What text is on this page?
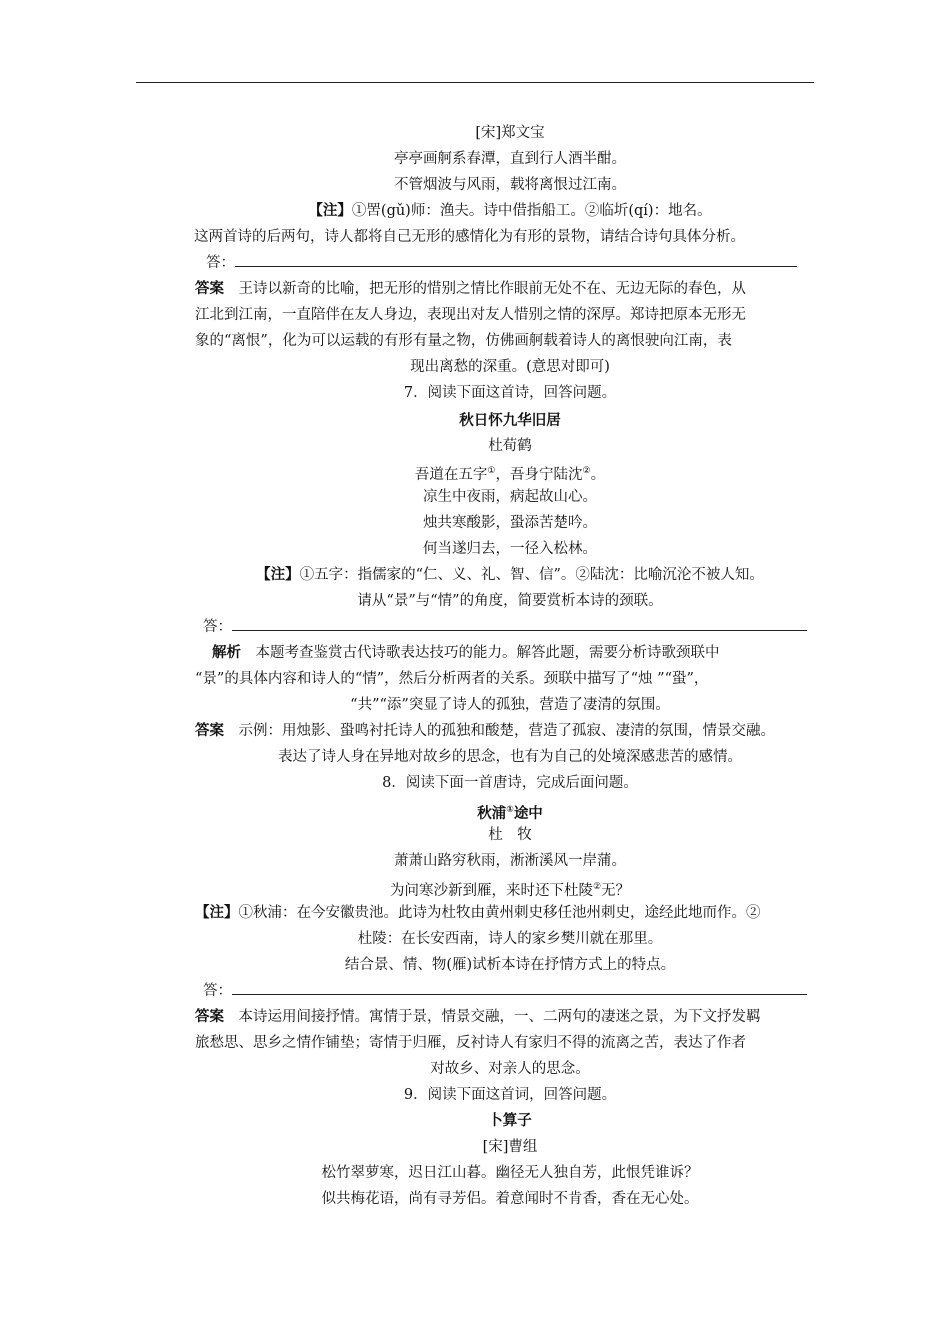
[宋]郑文宝
亭亭画舸系春潭，直到行人酒半酣。
不管烟波与风雨，载将离恨过江南。
【注】①罟(gǔ)师：渔夫。诗中借指船工。②临圻(qí)：地名。
这两首诗的后两句，诗人都将自己无形的感情化为有形的景物，请结合诗句具体分析。
答：
答案　 王诗以新奇的比喻，把无形的惜别之情比作眼前无处不在、无边无际的春色，从
江北到江南，一直陪伴在友人身边，表现出对友人惜别之情的深厚。郑诗把原本无形无
象的“离恨”，化为可以运载的有形有量之物，仿佛画舸载着诗人的离恨驶向江南，表
现出离愁的深重。(意思对即可)
7．阅读下面这首诗，回答问题。
秋日怀九华旧居
杜荀鹤
吾道在五字①，吾身宁陆沈②。
凉生中夜雨，病起故山心。
烛共寒酸影，蛩添苦楚吟。
何当遂归去，一径入松林。
【注】①五字：指儒家的“仁、义、礼、智、信”。②陆沈：比喻沉沦不被人知。
请从“景”与“情”的角度，简要赏析本诗的颈联。
答：
解析　 本题考查鉴赏古代诗歌表达技巧的能力。解答此题，需要分析诗歌颈联中
“景”的具体内容和诗人的“情”，然后分析两者的关系。颈联中描写了“烛 ”“蛩”，
“共”“添”突显了诗人的孤独，营造了凄清的氛围。
答案　 示例：用烛影、蛩鸣衬托诗人的孤独和酸楚，营造了孤寂、凄清的氛围，情景交融。
表达了诗人身在异地对故乡的思念，也有为自己的处境深感悲苦的感情。
8．阅读下面一首唐诗，完成后面问题。
秋浦①途中
杜　牧
萧萧山路穷秋雨，淅淅溪风一岸蒲。
为问寒沙新到雁，来时还下杜陵②无？
【注】①秋浦：在今安徽贵池。此诗为杜牧由黄州刺史移任池州刺史，途经此地而作。②
杜陵：在长安西南，诗人的家乡樊川就在那里。
结合景、情、物(雁)试析本诗在抒情方式上的特点。
答：
答案　 本诗运用间接抒情。寓情于景，情景交融，一、二两句的凄迷之景，为下文抒发羁
旅愁思、思乡之情作铺垫；寄情于归雁，反衬诗人有家归不得的流离之苦，表达了作者
对故乡、对亲人的思念。
9．阅读下面这首词，回答问题。
卜算子
[宋]曹组
松竹翠萝寒，迟日江山暮。幽径无人独自芳，此恨凭谁诉？
似共梅花语，尚有寻芳侣。着意闻时不肯香，香在无心处。
